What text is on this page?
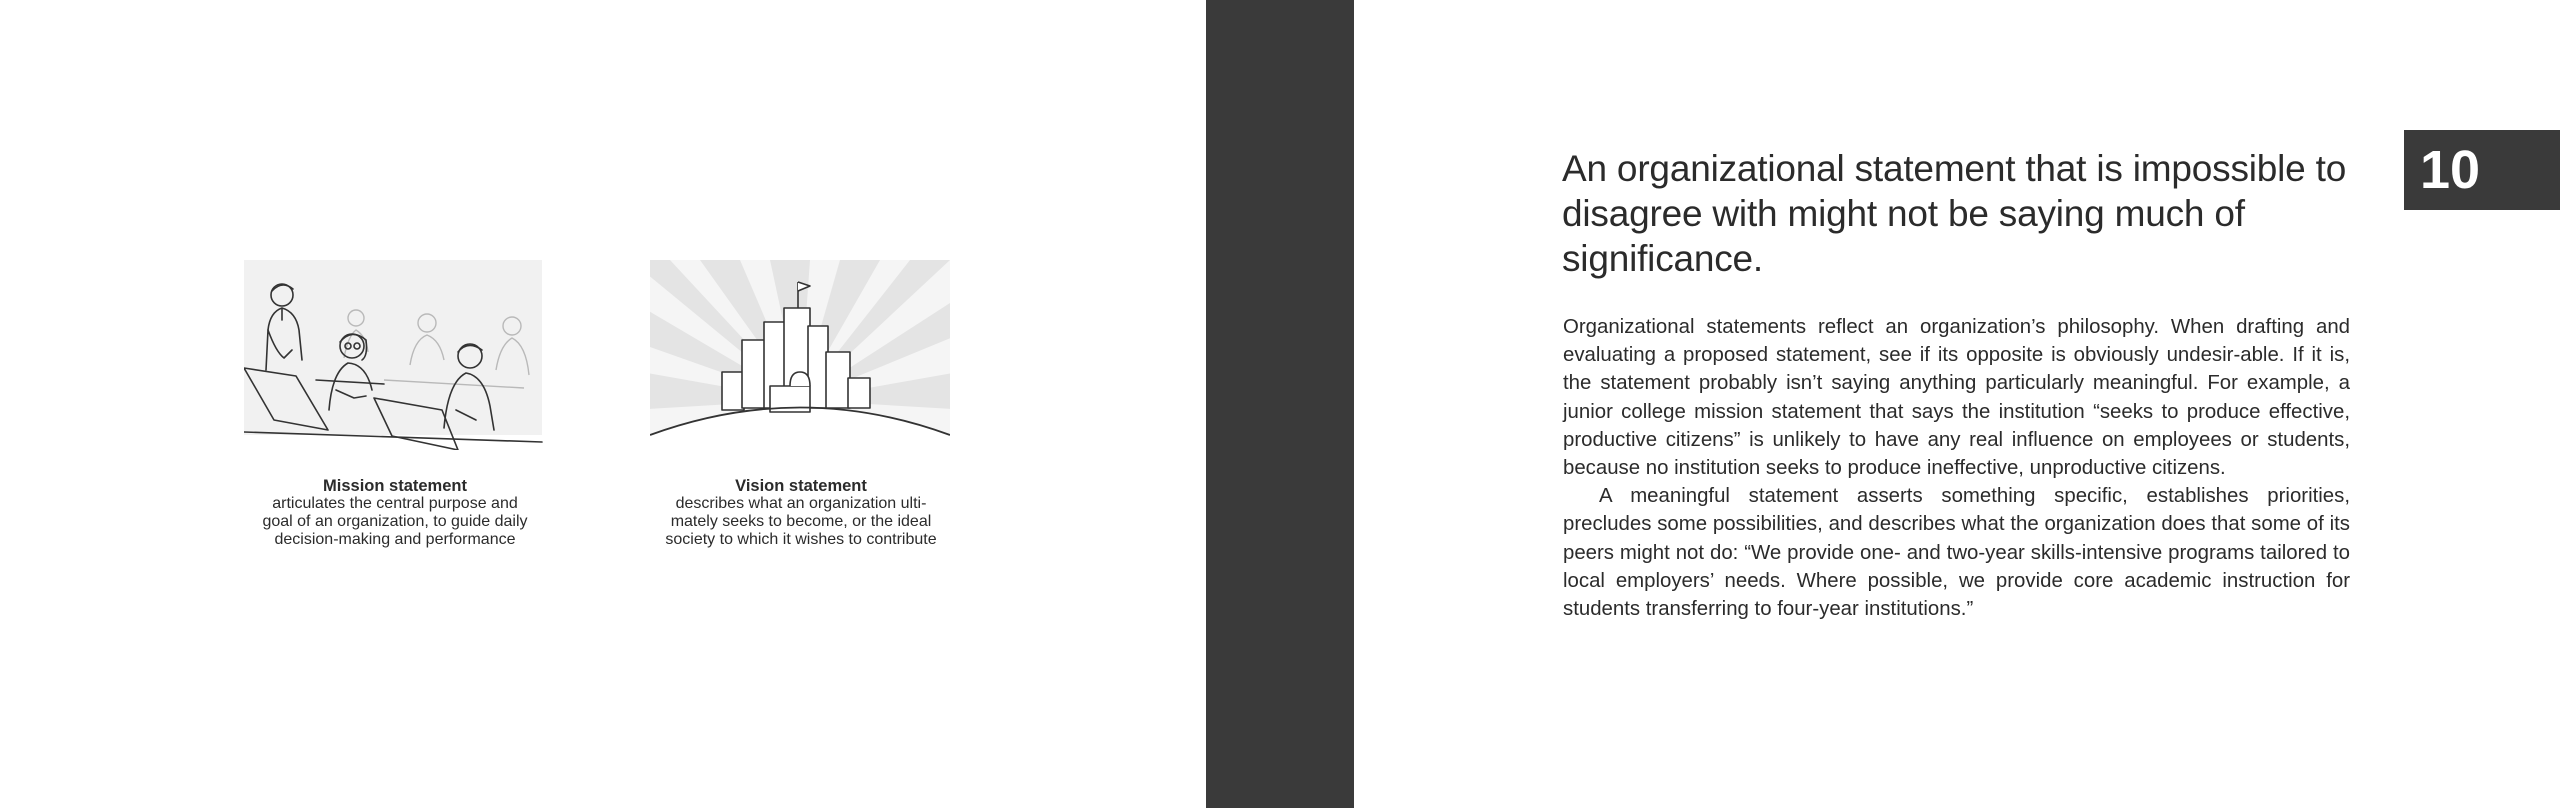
Mission statement
articulates the central purpose and
goal of an organization, to guide daily
decision-making and performance
Vision statement
describes what an organization ulti-
mately seeks to become, or the ideal
society to which it wishes to contribute
An organizational statement that is impossible to disagree with might not be saying much of significance.

Organizational statements reflect an organization’s philosophy. When drafting and evaluating a proposed statement, see if its opposite is obviously undesir-able. If it is, the statement probably isn’t saying anything particularly meaningful. For example, a junior college mission statement that says the institution “seeks to produce effective, productive citizens” is unlikely to have any real influence on employees or students, because no institution seeks to produce ineffective, unproductive citizens.

A meaningful statement asserts something specific, establishes priorities, precludes some possibilities, and describes what the organization does that some of its peers might not do: “We provide one- and two-year skills-intensive programs tailored to local employers’ needs. Where possible, we provide core academic instruction for students transferring to four-year institutions.”

10
